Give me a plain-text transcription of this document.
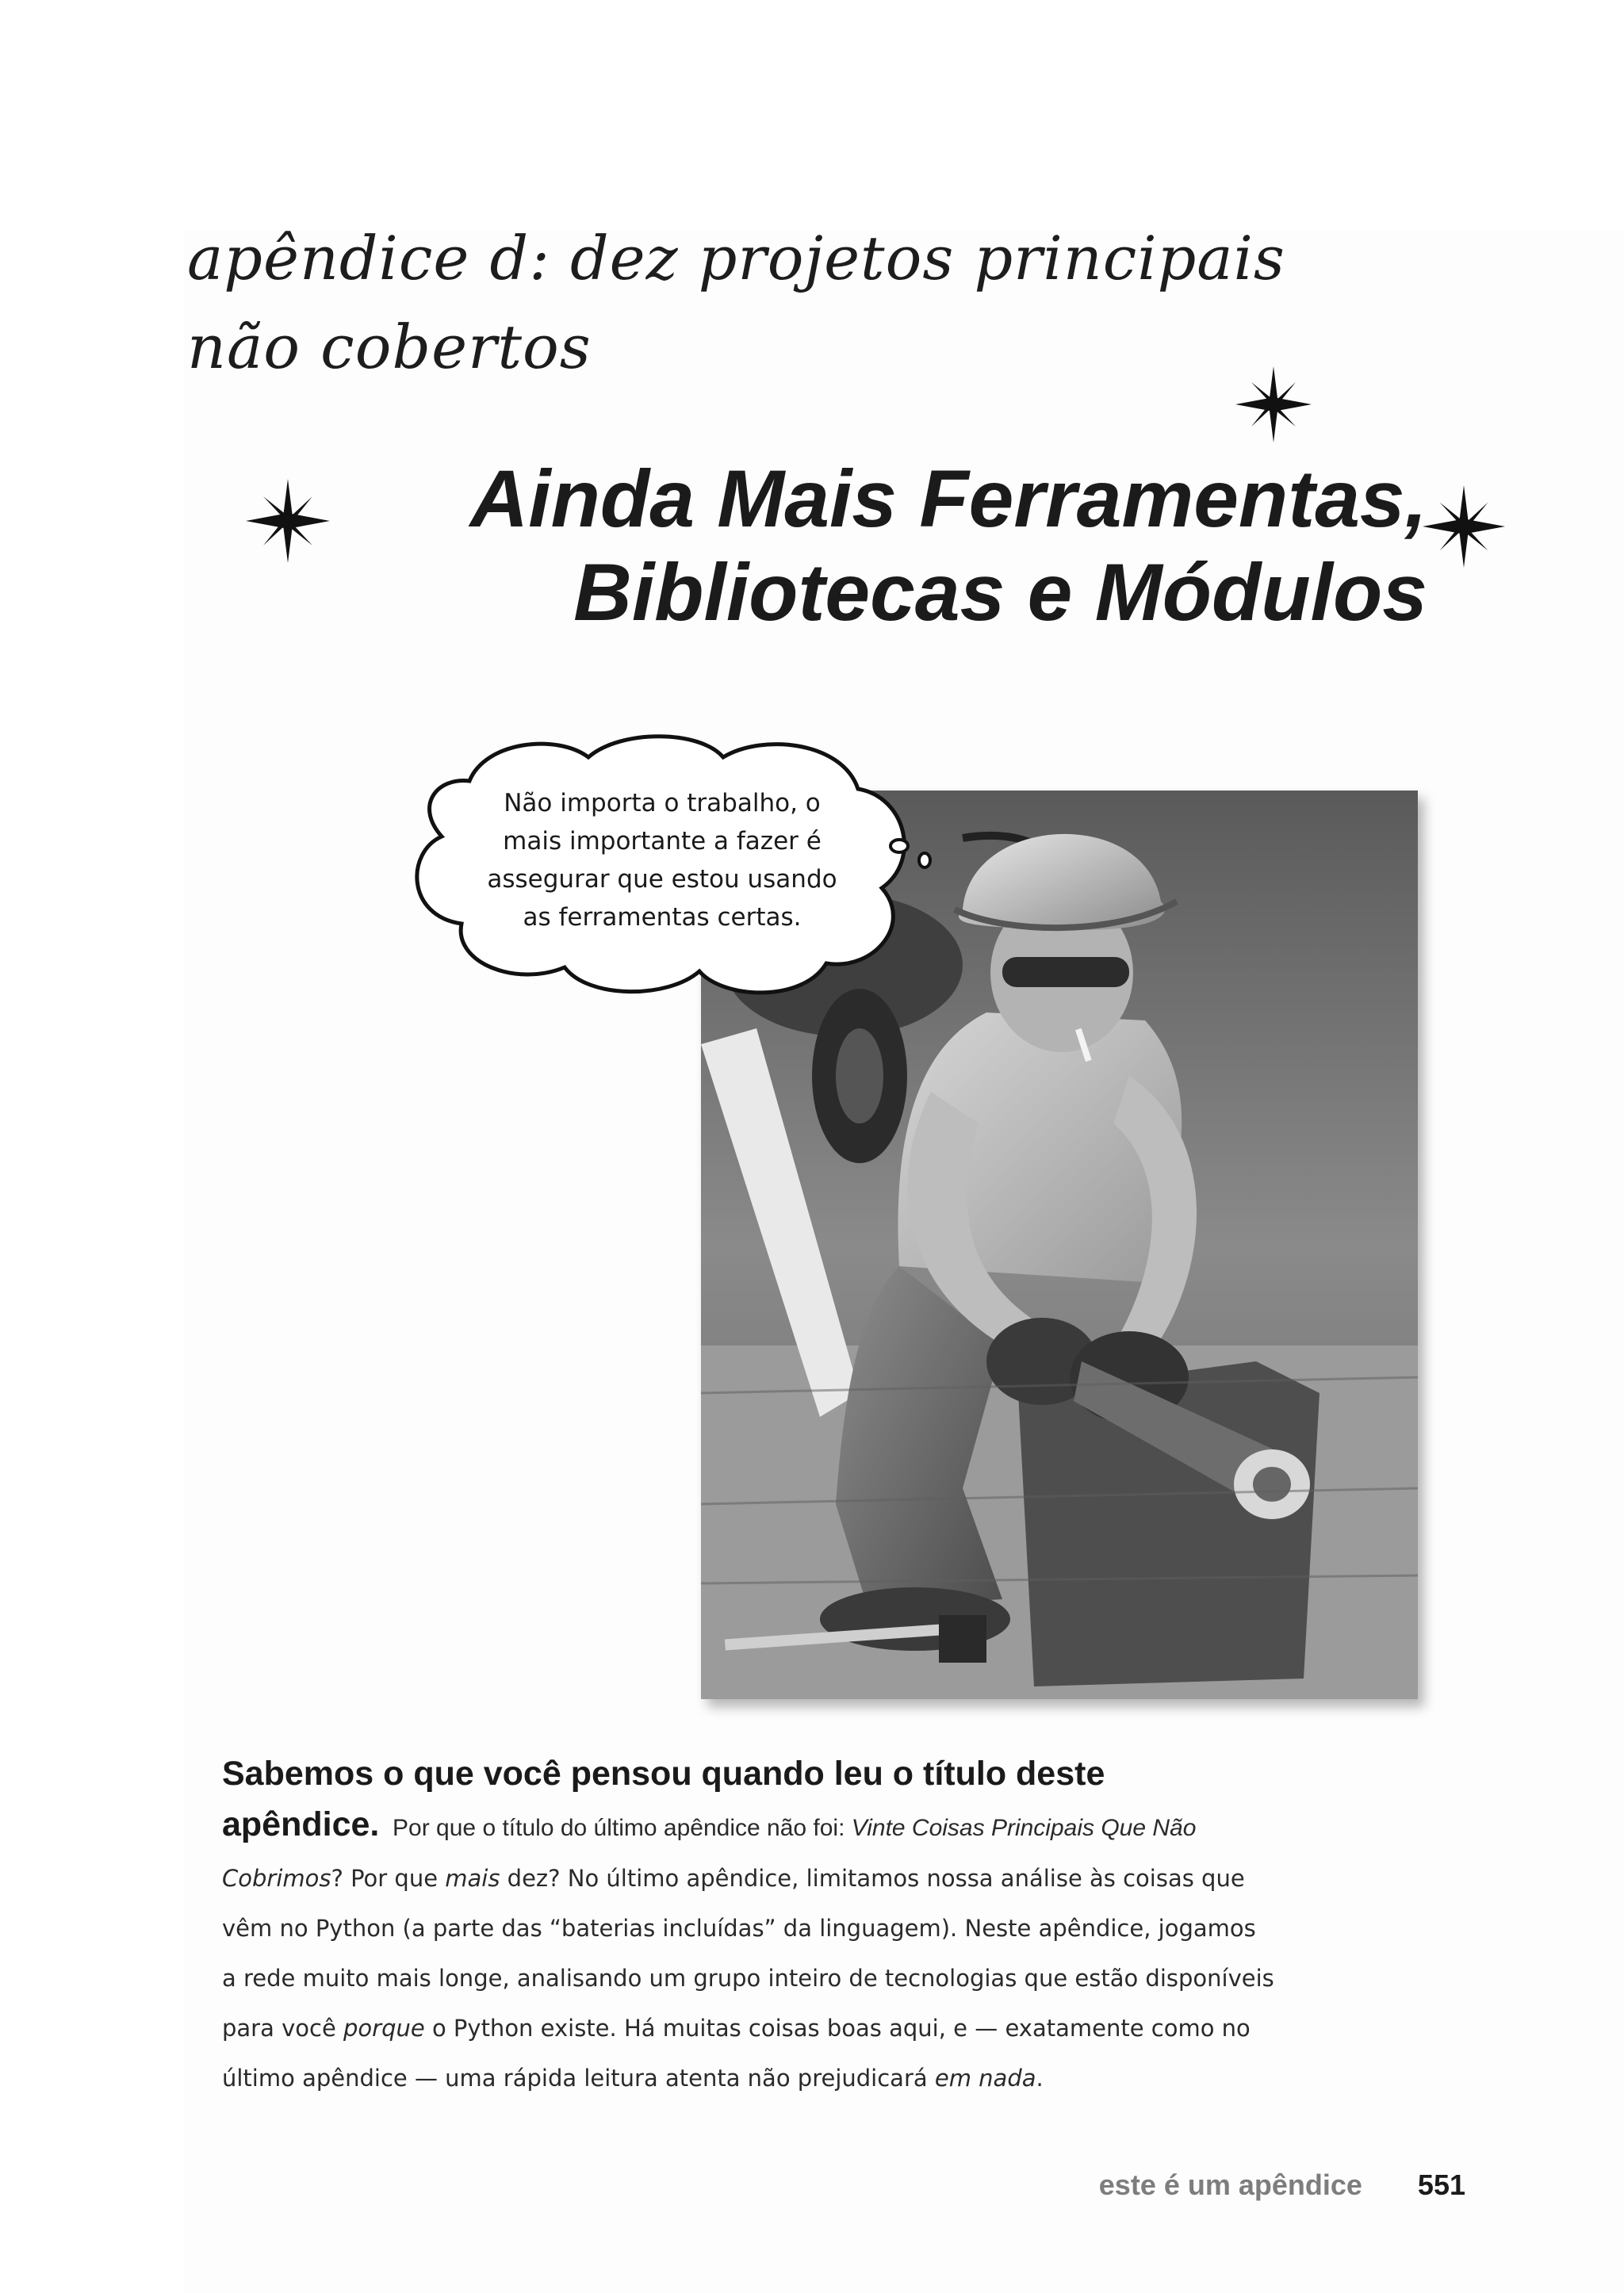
apêndice d: dez projetos principais
não cobertos
Ainda Mais Ferramentas,
Bibliotecas e Módulos
Não importa o trabalho, o
mais importante a fazer é
assegurar que estou usando
as ferramentas certas.
Sabemos o que você pensou quando leu o título deste
apêndice. Por que o título do último apêndice não foi: Vinte Coisas Principais Que Não
Cobrimos? Por que mais dez? No último apêndice, limitamos nossa análise às coisas que
vêm no Python (a parte das “baterias incluídas” da linguagem). Neste apêndice, jogamos
a rede muito mais longe, analisando um grupo inteiro de tecnologias que estão disponíveis
para você porque o Python existe. Há muitas coisas boas aqui, e — exatamente como no
último apêndice — uma rápida leitura atenta não prejudicará em nada.
este é um apêndice 551
